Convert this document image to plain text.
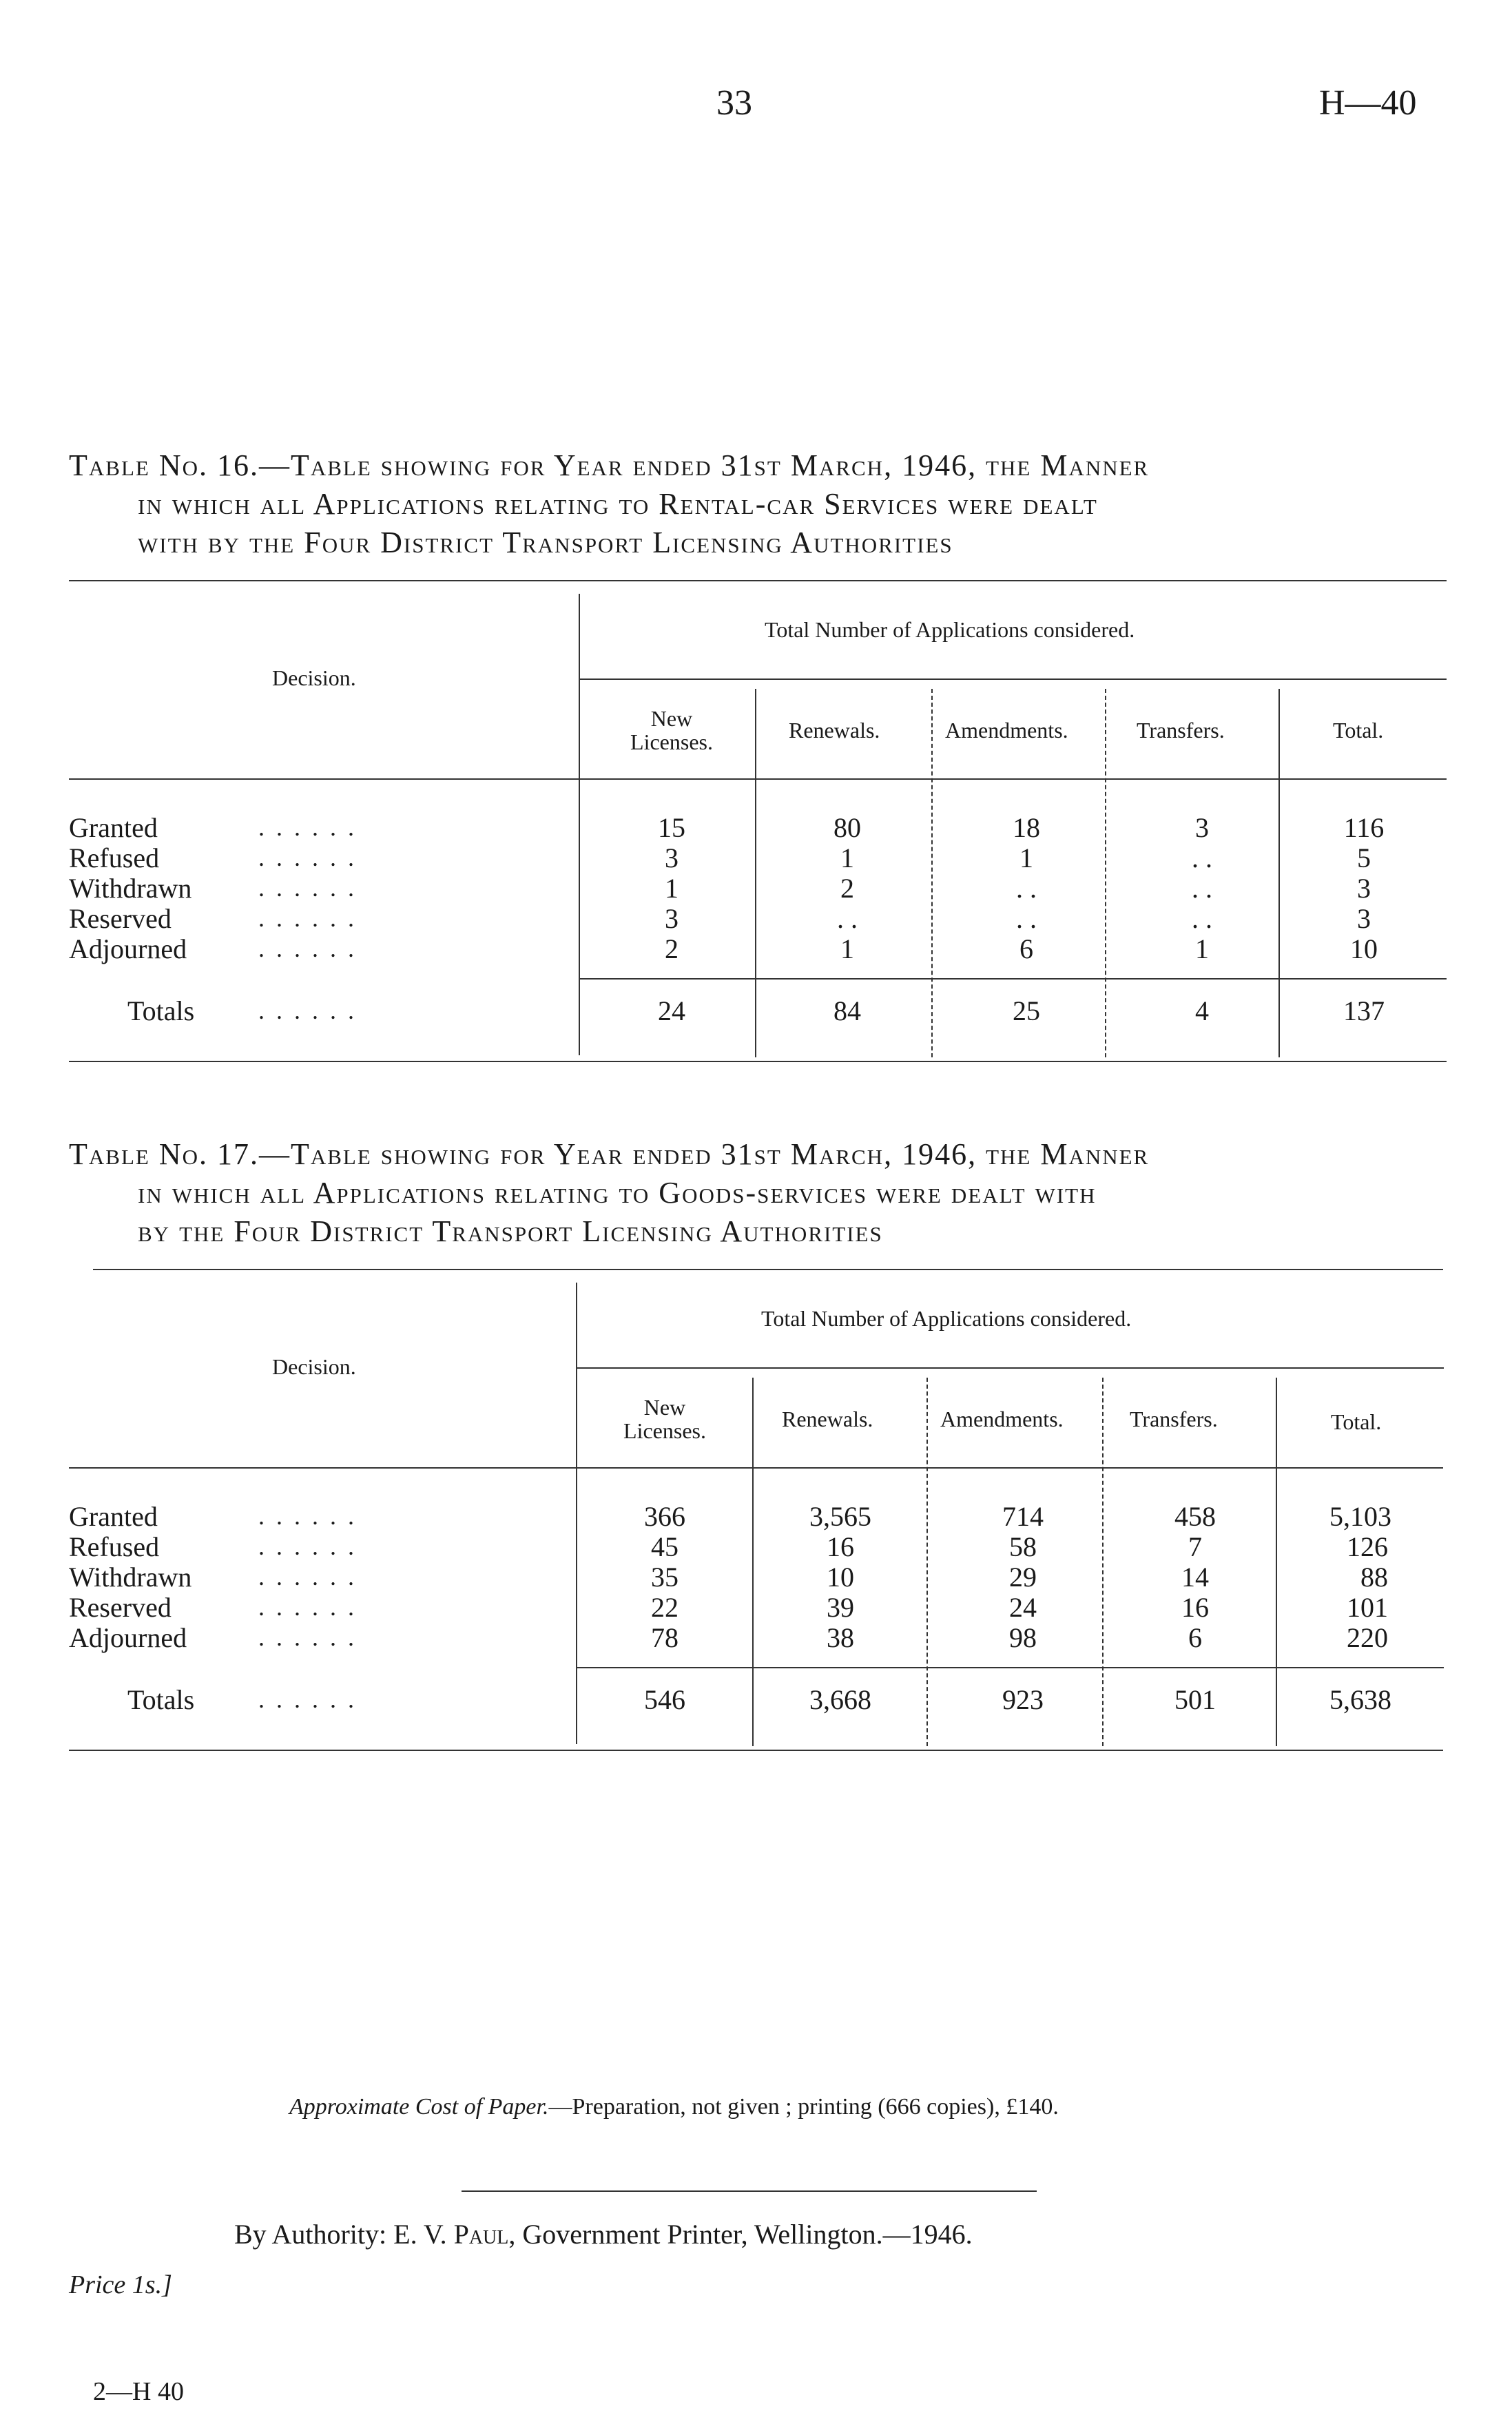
33	H—40
Table No. 16.—Table showing for Year ended 31st March, 1946, the Manner
in which all Applications relating to Rental-car Services were dealt
with by the Four District Transport Licensing Authorities
Total Number of Applications considered.
Decision.
New Licenses.	Renewals.	Amendments.	Transfers.	Total.
Granted	. . . . . .	15	80	18	3	116
Refused	. . . . . .	3	1	1	. .	5
Withdrawn	. . . . . .	1	2	. .	. .	3
Reserved	. . . . . .	3	. .	. .	. .	3
Adjourned	. . . . . .	2	1	6	1	10
Totals	. . . . . .	24	84	25	4	137
Table No. 17.—Table showing for Year ended 31st March, 1946, the Manner
in which all Applications relating to Goods-services were dealt with
by the Four District Transport Licensing Authorities
Total Number of Applications considered.
Decision.
New Licenses.	Renewals.	Amendments.	Transfers.	Total.
Granted	. . . . . .	366	3,565	714	458	5,103
Refused	. . . . . .	45	16	58	7	126
Withdrawn	. . . . . .	35	10	29	14	88
Reserved	. . . . . .	22	39	24	16	101
Adjourned	. . . . . .	78	38	98	6	220
Totals	. . . . . .	546	3,668	923	501	5,638
Approximate Cost of Paper.—Preparation, not given ; printing (666 copies), £140.
By Authority: E. V. Paul, Government Printer, Wellington.—1946.
Price 1s.]
2—H 40
